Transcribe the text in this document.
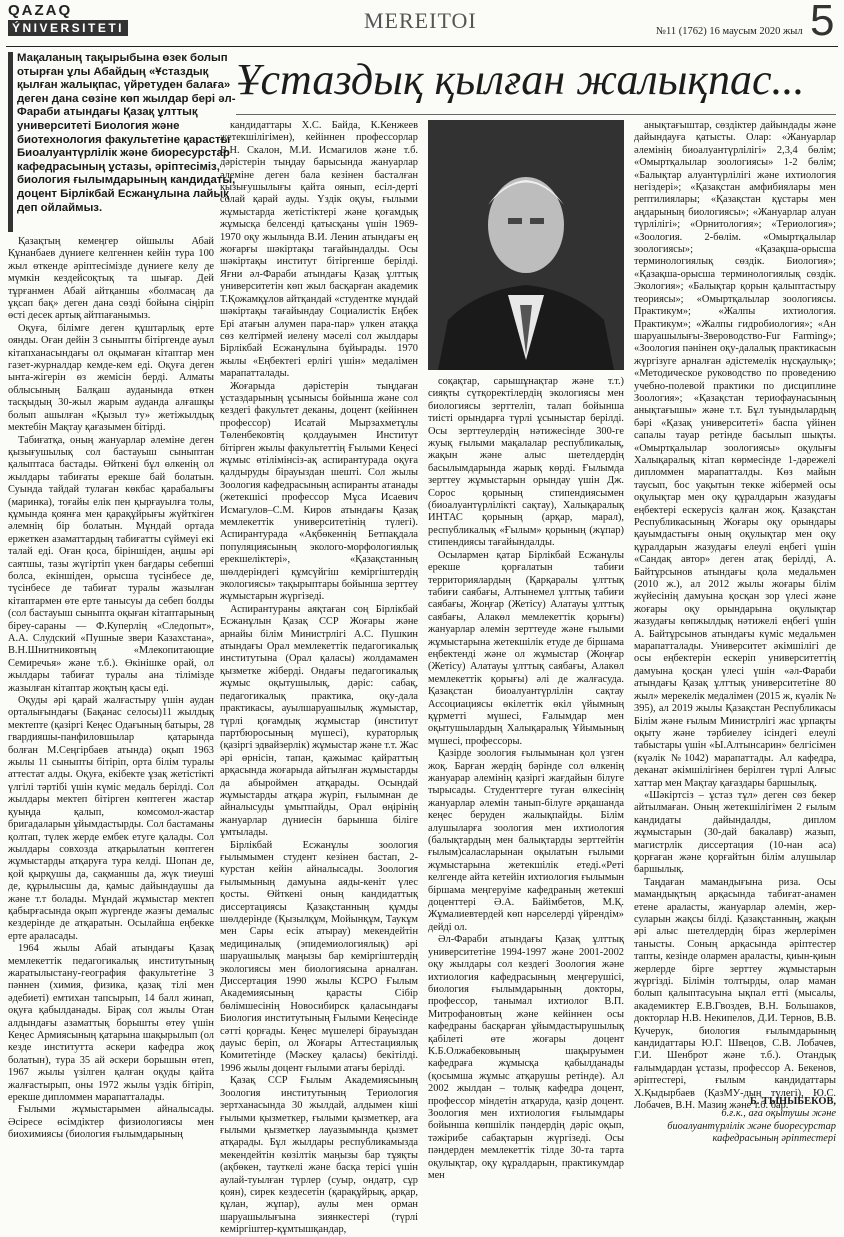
QAZAQ
ÝNIVERSITETI	MEREITOI	№11 (1762) 16 маусым 2020 жыл 5
Мақаланың тақырыбына өзек болып отырған ұлы Абайдың «Ұстаздық қылған жалықпас, үйретуден балаға» деген дана сөзіне көп жылдар бері әл-Фараби атындағы Қазақ ұлттық университеті Биология және биотехнология факультетіне қарасты Биоалуантүрлілік және биоресурстар кафедрасының ұстазы, әріптесіміз, биология ғылымдарының кандидаты, доцент Бірлікбай Есжанұлына лайық деп ойлаймыз.
Ұстаздық қылған жалықпас...

Қазақтың кемеңгер ойшылы Абай Құнанбаев дүниеге келгеннен кейін тура 100 жыл өткенде әріптесімізде дүниеге келу де мүмкін кездейсоқтық та шығар. Дей тұрғанмен Абай айтқаншы «болмасаң да ұқсап бақ» деген дана сөзді бойына сіңіріп өсті десек артық айтпағанымыз.

Оқуға, білімге деген құштарлық ерте оянды. Оған дейін 3 сыныпты бітіргенде ауыл кітапханасындағы ол оқымаған кітаптар мен газет-журналдар кемде-кем еді. Оқуға деген ынта-жігерін өз жемісін берді. Алматы облысының Балқаш ауданында өткен тасқыдың 30-жыл жарым ауданда алғашқы болып ашылған «Қызыл ту» жетіжылдық мектебін Мақтау қағазымен бітірді.

Табиғатқа, оның жануарлар әлеміне деген қызығушылық сол бастауыш сыныптан қалыптаса бастады. Өйткені бұл өлкенің ол жылдары табиғаты ерекше бай болатын. Суында тайдай тулаған көкбас қарабалығы (маринка), тоғайы елік пен қырғауылға толы, құмында қоянға мен қарақұйрығы жүйткіген әлемнің бір болатын. Мұндай ортада ержеткен азаматтардың табиғатты сүймеуі екі талай еді. Оған қоса, біріншіден, аңшы әрі саятшы, тазы жүгіртіп үкен бағдары себепші болса, екіншіден, орысша түсінбесе де, түсінбесе де табиғат туралы жазылған кітаптармен өте ерте танысуы да себеп болды (сол бастауыш сыныпта оқыған кітаптарының біреу-сараны — Ф.Куперлің «Следопыт», А.А. Слудский «Пушные звери Казахстана», В.Н.Шнитниковтың «Млекопитающие Семиречья» және т.б.). Өкінішке орай, ол жылдары табиғат туралы ана тілімізде жазылған кітаптар жоқтың қасы еді.

Оқуды әрі қарай жалғастыру үшін аудан орталығындағы (Бақанас селосы)11 жылдық мектепте (қазіргі Кеңес Одағының батыры, 28 гвардияшы-панфиловшылар қатарында болған М.Сеңгірбаев атында) оқып 1963 жылы 11 сыныпты бітіріп, орта білім туралы аттестат алды. Оқуға, екібекте ұзақ жетістікті үлгілі тәртібі үшін күміс медаль берілді. Сол жылдары мектеп бітірген көптеген жастар қуыңда қалып, комсомол-жастар бригадаларын ұйымдастырды. Сол бастаманы қолтап, түлек жерде ембек етуге қалады. Сол жылдары совхозда атқарылатын көптеген жұмыстарды атқаруға тура келді. Шопан де, қой қырқушы да, сақманшы да, жүк тиеуші де, құрылысшы да, қамыс дайындаушы да және т.т болады. Мұндай жұмыстар мектеп қабырғасында оқып жүргенде жазғы демалыс кездерінде де атқаратын. Осылайша еңбекке ерте араласады.

1964 жылы Абай атындағы Қазақ мемлекеттік педагогикалық институтының жаратылыстану-география факультетіне 3 пәннен (химия, физика, қазақ тілі мен әдебиеті) емтихан тапсырып, 14 балл жинап, оқуға қабылданады. Бірақ сол жылы Отан алдындағы азаматтық борышты өтеу үшін Кеңес Армиясының қатарына шақырылып (ол кезде институтта әскери кафедра жоқ болатын), тура 35 ай әскери борышын өтеп, 1967 жылы үзілген қалған оқуды қайта жалғастырып, оны 1972 жылы үздік бітіріп, ерекше дипломмен марапатталады.

Ғылыми жұмыстарымен айналысады. Әсіресе өсімдіктер физиологиясы мен биохимиясы (биология ғылымдарының

кандидаттары Х.С. Байда, К.Кенжеев жетекшілігімен), кейіннен профессорлар В.Н. Скалон, М.И. Исмагилов және т.б. дәрістерін тыңдау барысында жануарлар әлеміне деген бала кезінен басталған қызығушылығы қайта оянып, есіл-дерті солай қарай ауды. Үздік оқуы, ғылыми жұмыстарда жетістіктері және қоғамдық жұмысқа белсенді қатысқаны үшін 1969-1970 оқу жылында В.И. Ленин атындағы ең жоғарғы шәкіртақы тағайындалды. Осы шәкіртақы институт бітіргенше берілді. Яғни әл-Фараби атындағы Қазақ ұлттық университетін көп жыл басқарған академик Т.Қожамқұлов айтқандай «студентке мұндай шәкіртақы тағайындау Социалистік Еңбек Ері атағын алумен пара-пар» үлкен атаққа сөз келтірмей иелену мәселі сол жылдары Бірлікбай Есжанұлына бұйырады. 1970 жылы «Еңбектегі ерлігі үшін» медалімен марапатталады.

Жоғарыда дәрістерін тыңдаған ұстаздарының ұсынысы бойынша және сол кездегі факультет деканы, доцент (кейіннен профессор) Исатай Мырзахметұлы Төленбековтің қолдауымен Институт бітірген жылы факультеттің Ғылыми Кеңесі жұмыс өтілімінсіз-ақ аспирантурада оқуға қалдыруды бірауыздан шешті. Сол жылы Зоология кафедрасының аспиранты атанады (жетекшісі профессор Мұса Исаевич Исмагулов–С.М. Киров атындағы Қазақ мемлекеттік университетінің түлегі). Аспирантурада «Ақбөкеннің Бетпақдала популяциясының эколого-морфологиялық ерекшеліктері», «Қазақстанның шөлдеріндегі құмсүйгіш кеміргіштердің экологиясы» тақырыптары бойынша зерттеу жұмыстарын жүргізеді.

Аспирантураны аяқтаған соң Бірлікбай Есжанұлын Қазақ ССР Жоғары және арнайы білім Министрлігі А.С. Пушкин атындағы Орал мемлекеттік педагогикалық институтына (Орал қаласы) жолдамамен қызметке жіберді. Ондағы педагогикалық жұмыс оқытушылық, дәріс: сабақ, педагогикалық практика, оқу-дала практикасы, ауылшаруашылық жұмыстар, түрлі қоғамдық жұмыстар (институт партбюросының мүшесі), кураторлық (қазіргі эдвайзерлік) жұмыстар және т.т. Жас әрі өрнісін, тапан, қажымас қайраттың арқасында жоғарыда айтылған жұмыстарды да абыроймен атқарады. Осындай жұмыстарды атқара жүріп, ғылымнан де айналысуды ұмытпайды, Орал өңірінің жануарлар дүниесін барынша біліге ұмтылады.

Бірлікбай Есжанұлы зоология ғылымымен студент кезінен бастап, 2-курстан кейін айналысады. Зоология ғылымының дамуына аяды-кеніт үлес қосты. Өйткені оның кандидаттық диссертациясы Қазақстанның құмды шөлдерінде (Қызылқұм, Мойынқұм, Таукұм мен Сары есік атырау) мекендейтін медициналық (эпидемиологиялық) әрі шаруашылық маңызы бар кеміргіштердің экологиясы мен биологиясына арналған. Диссертация 1990 жылы КСРО Ғылым Академиясының қарасты Сібір бөлімшесінің Новосибирск қаласындағы Биология институтының Ғылыми Кеңесінде сәтті қорғады. Кеңес мүшелері бірауыздан дауыс беріп, ол Жоғары Аттестациялық Комитетінде (Мәскеу қаласы) бекітілді. 1996 жылы доцент ғылыми атағы берілді.

Қазақ ССР Ғылым Академиясының Зоология институтының Териология зертханасында 30 жылдай, алдымен кіші ғылыми қызметкер, ғылыми қызметкер, аға ғылыми қызметкер лауазымында қызмет атқарады. Бұл жылдары республикамызда мекендейтін көзілтік маңызы бар тұяқты (ақбөкен, тауткелі және басқа терісі үшін аулай-туылған түрлер (суыр, ондатр, сұр қоян), сирек кездесетін (қарақұйрық, арқар, құлан, жұпар), аулы мен орман шаруашылығына зиянкестері (түрлі кеміргіштер-құмтышқандар,

соқақтар, сарышұнақтар және т.т.) сияқты сүтқоректілердің экологиясы мен биологиясы зерттеліп, талап бойынша тиісті орындарға түрлі ұсыныстар берілді. Осы зерттеулердің нәтижесінде 300-ге жуық ғылыми мақалалар республикалық, жақын және алыс шетелдердің басылымдарында жарық көрді. Ғылымда зерттеу жұмыстарын орындау үшін Дж. Сорос қорының стипендиясымен (биоалуантүрлілікті сақтау), Халықаралық ИНТАС қорының (арқар, марал), республикалық «Ғылым» қорының (жұпар) стипендиясы тағайындалды.

Осылармен қатар Бірлікбай Есжанұлы ерекше қорғалатын табиғи территориялардың (Қарқаралы ұлттық табиғи саябағы, Алтынемел ұлттық табиғи саябағы, Жоңғар (Жетісу) Алатауы ұлттық саябағы, Алакөл мемлекеттік қорығы) жануарлар әлемін зерттеуде және ғылыми жұмыстарына жетекшілік етуде де біршама еңбектенді және ол жұмыстар (Жоңғар (Жетісу) Алатауы ұлттық саябағы, Алакөл мемлекеттік қорығы) әлі де жалғасуда. Қазақстан биоалуантүрлілін сақтау Ассоциациясы өкілеттік өкіл үйымның құрметті мүшесі, Ғалымдар мен оқытушылардың Халықаралық Ұйымының мүшесі, профессоры.

Қазірде зоология ғылымынан қол үзген жоқ. Барған жердің бәрінде сол өлкенің жануарар әлемінің қазіргі жағдайын білуге тырысады. Студенттерге туған өлкесінің жануарлар әлемін танып-білуге әрқашанда кеңес беруден жалықпайды. Білім алушыларға зоология мен ихтиология (балықтардың мен балықтарды зерттейтін ғылым)саласларынан оқылатын ғылыми жұмыстарына жетекшілік етеді.«Реті келгенде айта кетейін ихтиология ғылымын біршама меңгеруіме кафедраның жетекші доценттері Ә.А. Байімбетов, М.Қ. Жұмалиевтердей көп нәрселерді үйрендім» дейді ол.

Әл-Фараби атындағы Қазақ ұлттық университетіне 1994-1997 және 2001-2002 оқу жылдары сол кездегі Зоология және ихтиология кафедрасының меңгерушісі, биология ғылымдарының докторы, профессор, танымал ихтиолог В.П. Митрофановтың және кейіннен осы кафедраны басқарған ұйымдастырушылық қабілеті өте жоғары доцент К.Б.Олжабековының шақыруымен кафедраға жұмысқа қабылданады (қосымша жұмыс атқарушы ретінде). Ал 2002 жылдан – толық кафедра доцент, профессор міндетін атқаруда, қазір доцент. Зоология мен ихтиология ғылымдары бойынша көпшілік пәндердің дәріс оқып, тәжірибе сабақтарын жүргізеді. Осы пәндерден мемлекеттік тілде 30-та тарта оқулықтар, оқу құралдарын, практикумдар мен

анықтағыштар, сөздіктер дайындады және дайындауға қатысты. Олар: «Жануарлар әлемінің биоалуантүрлілігі» 2,3,4 бөлім; «Омыртқалылар зоологиясы» 1-2 бөлім; «Балықтар алуантүрлілігі және ихтиология негіздері»; «Қазақстан амфибиялары мен рептилиялары; «Қазақстан құстары мен аңдарының биологиясы»; «Жануарлар алуан түрлілігі»; «Орнитология»; «Териология»; «Зоология. 2-бөлім. «Омыртқалылар зоологиясы»; «Қазақша-орысша терминологиялық сөздік. Биология»; «Қазақша-орысша терминологиялық сөздік. Экология»; «Балықтар қорын қалыптастыру теориясы»; «Омыртқалылар зоологиясы. Практикум»; «Жалпы ихтиология. Практикум»; «Жалпы гидробиология»; «Ан шаруашылығы-Звероводство-Fur Farming»; «Зоология пәнінен оқу-далалық практикасын жүргізуге арналған әдістемелік нұсқаулық»; «Методическое руководство по проведению учебно-полевой практики по дисциплине Зоология»; «Қазақстан териофаунасының анықтағышы» және т.т. Бұл туындылардың бәрі «Қазақ университеті» баспа үйінен сапалы тауар ретінде басылып шықты. «Омыртқалылар зоологиясы» оқулығы Халықаралық кітап көрмесінде 1-дәрежелі дипломмен марапатталды. Көз майын таусып, бос уақытын текке жібермей осы оқулықтар мен оқу құралдарын жазудағы еңбектері ескерусіз қалған жоқ. Қазақстан Республикасының Жоғары оқу орындары қауымдастығы оның оқулықтар мен оқу құралдарын жазудағы елеулі еңбегі үшін «Сандақ автор» деген атақ берілді, А. Байтұрсынов атындағы қола медальмен (2010 ж.), ал 2012 жылы жоғары білім жүйесінің дамуына қосқан зор үлесі және жоғары оқу орындарына оқулықтар жазудағы көпжылдық нәтижелі еңбегі үшін А. Байтұрсынов атындағы күміс медальмен марапатталады. Университет әкімшілігі де осы еңбектерін ескеріп университеттің дамуына қосқан үлесі үшін «әл-Фараби атындағы Қазақ ұлттық университетіне 80 жыл» мерекелік медалімен (2015 ж, күәлік № 395), ал 2019 жылы Қазақстан Республикасы Білім және ғылым Министрлігі жас ұрпақты оқыту және тәрбиелеу ісіндегі елеулі табыстары үшін «Ы.Алтынсарин» белгісімен (күәлік №1042) марапаттады. Ал кафедра, деканат әкімшілігінен берілген түрлі Алғыс хаттар мен Мақтау қағаздары баршылық.

«Шәкіртсіз – ұстаз тұл» деген сөз бекер айтылмаған. Оның жетекшілігімен 2 ғылым кандидаты дайындалды, диплом жұмыстарын (30-дай бакалавр) жазып, магистрлік диссертация (10-нан аса) қорғаған және қорғайтын білім алушылар баршылық.

Таңдаған мамандығына риза. Осы мамандықтың арқасында табиғат-анамен етене араласты, жануарлар әлемін, жер-суларын жақсы білді. Қазақстанның, жақын әрі алыс шетелдердің біраз жерлерімен танысты. Соның арқасында әріптестер тапты, кезінде олармен араласты, қиын-қиын жерлерде бірге зерттеу жұмыстарын жүргізді. Білімін толтырды, олар маман болып қалыптасуына ықпал етті (мысалы, академиктер Е.В.Гвоздев, В.Н. Большаков, докторлар Н.В. Некипелов, Д.И. Тернов, В.В. Кучерук, биология ғылымдарының кандидаттары Ю.Г. Швецов, С.В. Лобачев, Г.И. Шенброт және т.б.). Отандық ғалымдардан ұстазы, профессор А. Бекенов, әріптестері, ғылым кандидаттары Х.Қыдырбаев (ҚазМУ-дың түлегі), Ю.С. Лобачев, В.Н. Мазин және т.б. бар.

Б. ТЫНЫБЕКОВ,
б.ғ.к., аға оқытушы және
биоалуантүрлілік және биоресурстар
кафедрасының әріптестері
